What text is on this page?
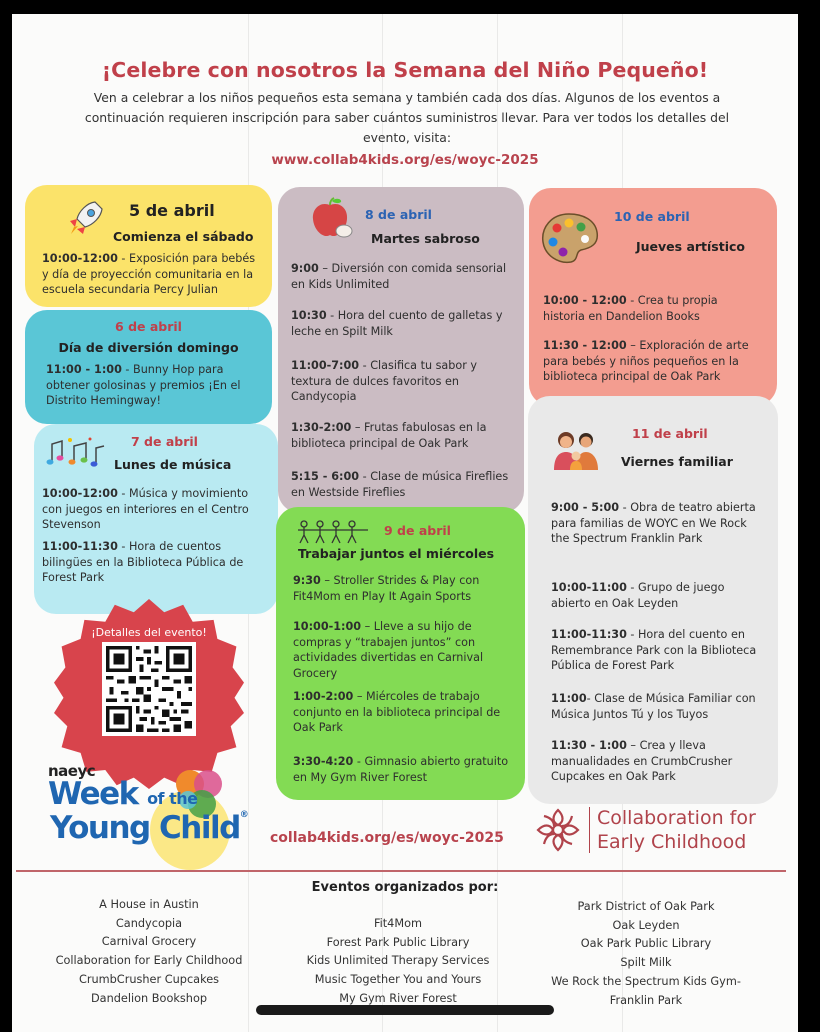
¡Celebre con nosotros la Semana del Niño Pequeño!
Ven a celebrar a los niños pequeños esta semana y también cada dos días. Algunos de los eventos a continuación requieren inscripción para saber cuántos suministros llevar. Para ver todos los detalles del evento, visita:
www.collab4kids.org/es/woyc-2025
5 de abril
Comienza el sábado
10:00-12:00 - Exposición para bebés y día de proyección comunitaria en la escuela secundaria Percy Julian
6 de abril
Día de diversión domingo
11:00 - 1:00 - Bunny Hop para obtener golosinas y premios ¡En el Distrito Hemingway!
7 de abril
Lunes de música
10:00-12:00 - Música y movimiento con juegos en interiores en el Centro Stevenson
11:00-11:30 - Hora de cuentos bilingües en la Biblioteca Pública de Forest Park
8 de abril
Martes sabroso
9:00 – Diversión con comida sensorial en Kids Unlimited
10:30 - Hora del cuento de galletas y leche en Spilt Milk
11:00-7:00 - Clasifica tu sabor y textura de dulces favoritos en Candycopia
1:30-2:00 – Frutas fabulosas en la biblioteca principal de Oak Park
5:15 - 6:00 - Clase de música Fireflies en Westside Fireflies
9 de abril
Trabajar juntos el miércoles
9:30 – Stroller Strides & Play con Fit4Mom en Play It Again Sports
10:00-1:00 – Lleve a su hijo de compras y “trabajen juntos” con actividades divertidas en Carnival Grocery
1:00-2:00 – Miércoles de trabajo conjunto en la biblioteca principal de Oak Park
3:30-4:20 - Gimnasio abierto gratuito en My Gym River Forest
10 de abril
Jueves artístico
10:00 - 12:00 - Crea tu propia historia en Dandelion Books
11:30 - 12:00 – Exploración de arte para bebés y niños pequeños en la biblioteca principal de Oak Park
11 de abril
Viernes familiar
9:00 - 5:00 - Obra de teatro abierta para familias de WOYC en We Rock the Spectrum Franklin Park
10:00-11:00 - Grupo de juego abierto en Oak Leyden
11:00-11:30 - Hora del cuento en Remembrance Park con la Biblioteca Pública de Forest Park
11:00- Clase de Música Familiar con Música Juntos Tú y los Tuyos
11:30 - 1:00 – Crea y lleva manualidades en CrumbCrusher Cupcakes en Oak Park
¡Detalles del evento!
naeyc
Week of the
Young Child®
collab4kids.org/es/woyc-2025
Collaboration for
Early Childhood
Eventos organizados por:
A House in Austin
Candycopia
Carnival Grocery
Collaboration for Early Childhood
CrumbCrusher Cupcakes
Dandelion Bookshop
Fit4Mom
Forest Park Public Library
Kids Unlimited Therapy Services
Music Together You and Yours
My Gym River Forest
Park District of Oak Park
Oak Leyden
Oak Park Public Library
Spilt Milk
We Rock the Spectrum Kids Gym-
Franklin Park
